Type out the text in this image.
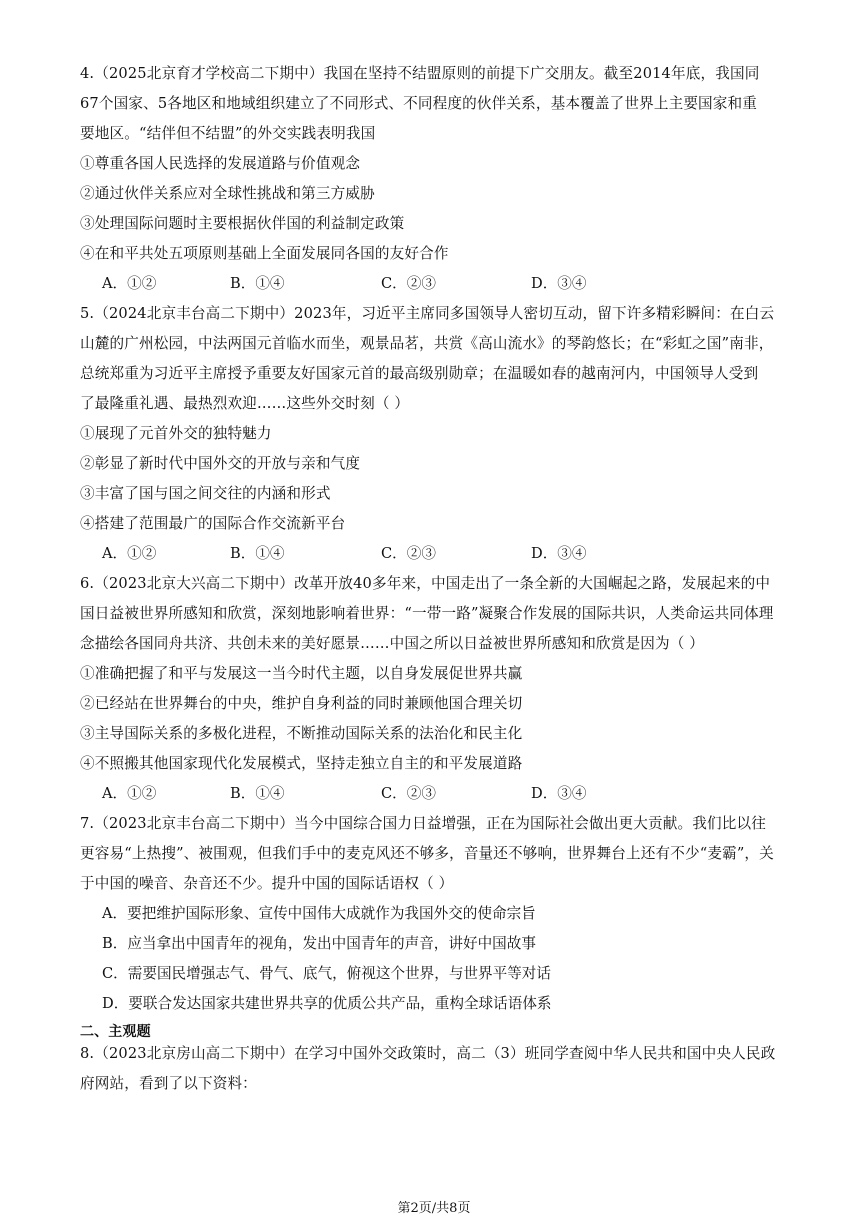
4.（2025北京育才学校高二下期中）我国在坚持不结盟原则的前提下广交朋友。截至2014年底，我国同
67个国家、5各地区和地域组织建立了不同形式、不同程度的伙伴关系，基本覆盖了世界上主要国家和重
要地区。“结伴但不结盟”的外交实践表明我国
①尊重各国人民选择的发展道路与价值观念
②通过伙伴关系应对全球性挑战和第三方威胁
③处理国际问题时主要根据伙伴国的利益制定政策
④在和平共处五项原则基础上全面发展同各国的友好合作
A．①②	B．①④	C．②③	D．③④
5.（2024北京丰台高二下期中）2023年，习近平主席同多国领导人密切互动，留下许多精彩瞬间：在白云
山麓的广州松园，中法两国元首临水而坐，观景品茗，共赏《高山流水》的琴韵悠长；在“彩虹之国”南非，
总统郑重为习近平主席授予重要友好国家元首的最高级别勋章；在温暖如春的越南河内，中国领导人受到
了最隆重礼遇、最热烈欢迎……这些外交时刻（ ）
①展现了元首外交的独特魅力
②彰显了新时代中国外交的开放与亲和气度
③丰富了国与国之间交往的内涵和形式
④搭建了范围最广的国际合作交流新平台
A．①②	B．①④	C．②③	D．③④
6.（2023北京大兴高二下期中）改革开放40多年来，中国走出了一条全新的大国崛起之路，发展起来的中
国日益被世界所感知和欣赏，深刻地影响着世界：“一带一路”凝聚合作发展的国际共识，人类命运共同体理
念描绘各国同舟共济、共创未来的美好愿景……中国之所以日益被世界所感知和欣赏是因为（ ）
①准确把握了和平与发展这一当今时代主题，以自身发展促世界共赢
②已经站在世界舞台的中央，维护自身利益的同时兼顾他国合理关切
③主导国际关系的多极化进程，不断推动国际关系的法治化和民主化
④不照搬其他国家现代化发展模式，坚持走独立自主的和平发展道路
A．①②	B．①④	C．②③	D．③④
7.（2023北京丰台高二下期中）当今中国综合国力日益增强，正在为国际社会做出更大贡献。我们比以往
更容易“上热搜”、被围观，但我们手中的麦克风还不够多，音量还不够响，世界舞台上还有不少“麦霸”，关
于中国的噪音、杂音还不少。提升中国的国际话语权（ ）
A．要把维护国际形象、宣传中国伟大成就作为我国外交的使命宗旨
B．应当拿出中国青年的视角，发出中国青年的声音，讲好中国故事
C．需要国民增强志气、骨气、底气，俯视这个世界，与世界平等对话
D．要联合发达国家共建世界共享的优质公共产品，重构全球话语体系
二、主观题
8.（2023北京房山高二下期中）在学习中国外交政策时，高二（3）班同学查阅中华人民共和国中央人民政
府网站，看到了以下资料：
第2页/共8页
